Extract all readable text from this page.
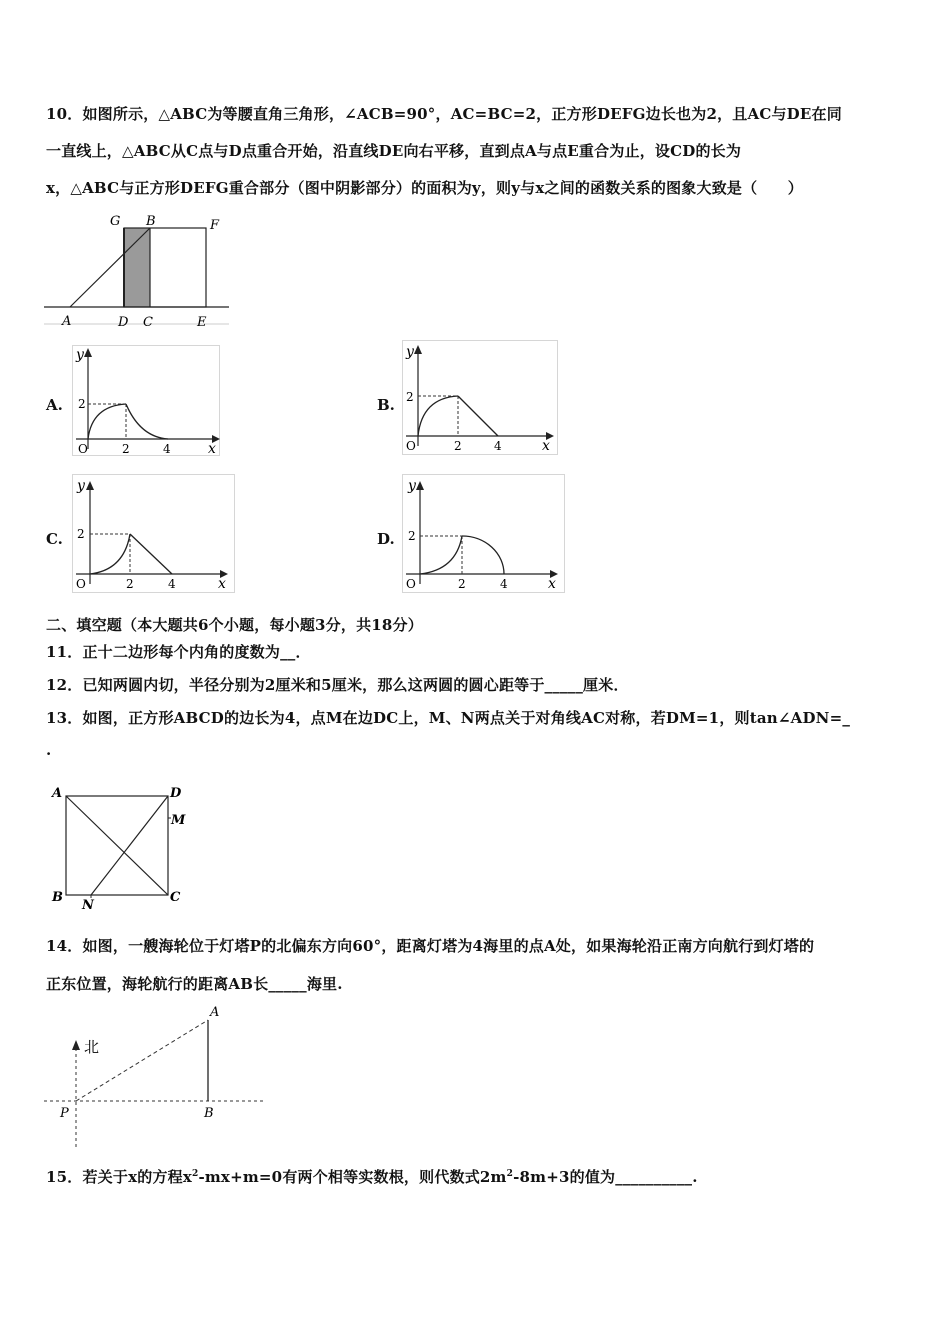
10．如图所示，△ABC为等腰直角三角形，∠ACB=90°，AC=BC=2，正方形DEFG边长也为2，且AC与DE在同
一直线上，△ABC从C点与D点重合开始，沿直线DE向右平移，直到点A与点E重合为止，设CD的长为
x，△ABC与正方形DEFG重合部分（图中阴影部分）的面积为y，则y与x之间的函数关系的图象大致是（　　）
G B	F
A	D C	E
A.
O
2
2	4	x
y
B.
O
2
2	4	x
y
C.
O
2
2	4	x
y
D.
O
2
2	4	x
y
二、填空题（本大题共6个小题，每小题3分，共18分）
11．正十二边形每个内角的度数为__．
12．已知两圆内切，半径分别为2厘米和5厘米，那么这两圆的圆心距等于_____厘米．
13．如图，正方形ABCD的边长为4，点M在边DC上，M、N两点关于对角线AC对称，若DM=1，则tan∠ADN=_
.
A	D
M
B
N
C
14．如图，一艘海轮位于灯塔P的北偏东方向60°，距离灯塔为4海里的点A处，如果海轮沿正南方向航行到灯塔的
正东位置，海轮航行的距离AB长_____海里.
北
A
P	B
15．若关于x的方程$x^2-mx+m=0$有两个相等实数根，则代数式$2m^2-8m+3$的值为__________.
